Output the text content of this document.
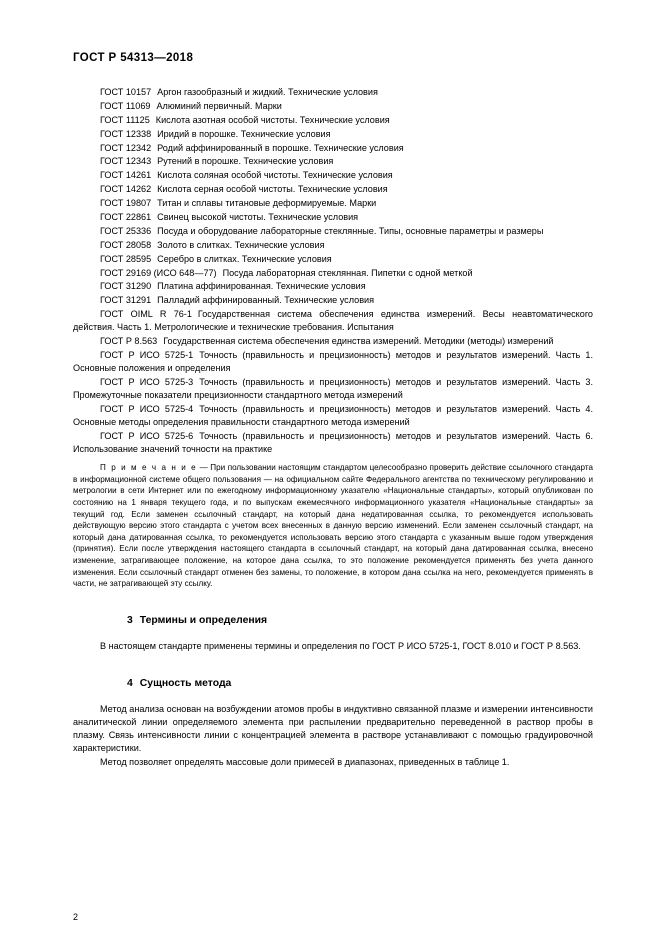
ГОСТ Р 54313—2018

ГОСТ 10157 Аргон газообразный и жидкий. Технические условия

ГОСТ 11069 Алюминий первичный. Марки

ГОСТ 11125 Кислота азотная особой чистоты. Технические условия

ГОСТ 12338 Иридий в порошке. Технические условия

ГОСТ 12342 Родий аффинированный в порошке. Технические условия

ГОСТ 12343 Рутений в порошке. Технические условия

ГОСТ 14261 Кислота соляная особой чистоты. Технические условия

ГОСТ 14262 Кислота серная особой чистоты. Технические условия

ГОСТ 19807 Титан и сплавы титановые деформируемые. Марки

ГОСТ 22861 Свинец высокой чистоты. Технические условия

ГОСТ 25336 Посуда и оборудование лабораторные стеклянные. Типы, основные параметры и размеры

ГОСТ 28058 Золото в слитках. Технические условия

ГОСТ 28595 Серебро в слитках. Технические условия

ГОСТ 29169 (ИСО 648—77) Посуда лабораторная стеклянная. Пипетки с одной меткой

ГОСТ 31290 Платина аффинированная. Технические условия

ГОСТ 31291 Палладий аффинированный. Технические условия

ГОСТ OIML R 76-1 Государственная система обеспечения единства измерений. Весы неавтоматического действия. Часть 1. Метрологические и технические требования. Испытания

ГОСТ Р 8.563 Государственная система обеспечения единства измерений. Методики (методы) измерений

ГОСТ Р ИСО 5725-1 Точность (правильность и прецизионность) методов и результатов измерений. Часть 1. Основные положения и определения

ГОСТ Р ИСО 5725-3 Точность (правильность и прецизионность) методов и результатов измерений. Часть 3. Промежуточные показатели прецизионности стандартного метода измерений

ГОСТ Р ИСО 5725-4 Точность (правильность и прецизионность) методов и результатов измерений. Часть 4. Основные методы определения правильности стандартного метода измерений

ГОСТ Р ИСО 5725-6 Точность (правильность и прецизионность) методов и результатов измерений. Часть 6. Использование значений точности на практике

П р и м е ч а н и е — При пользовании настоящим стандартом целесообразно проверить действие ссылочного стандарта в информационной системе общего пользования — на официальном сайте Федерального агентства по техническому регулированию и метрологии в сети Интернет или по ежегодному информационному указателю «Национальные стандарты», который опубликован по состоянию на 1 января текущего года, и по выпускам ежемесячного информационного указателя «Национальные стандарты» за текущий год. Если заменен ссылочный стандарт, на который дана недатированная ссылка, то рекомендуется использовать действующую версию этого стандарта с учетом всех внесенных в данную версию изменений. Если заменен ссылочный стандарт, на который дана датированная ссылка, то рекомендуется использовать версию этого стандарта с указанным выше годом утверждения (принятия). Если после утверждения настоящего стандарта в ссылочный стандарт, на который дана датированная ссылка, внесено изменение, затрагивающее положение, на которое дана ссылка, то это положение рекомендуется применять без учета данного изменения. Если ссылочный стандарт отменен без замены, то положение, в котором дана ссылка на него, рекомендуется применять в части, не затрагивающей эту ссылку.

3 Термины и определения

В настоящем стандарте применены термины и определения по ГОСТ Р ИСО 5725-1, ГОСТ 8.010 и ГОСТ Р 8.563.

4 Сущность метода

Метод анализа основан на возбуждении атомов пробы в индуктивно связанной плазме и измерении интенсивности аналитической линии определяемого элемента при распылении предварительно переведенной в раствор пробы в плазму. Связь интенсивности линии с концентрацией элемента в растворе устанавливают с помощью градуировочной характеристики.

Метод позволяет определять массовые доли примесей в диапазонах, приведенных в таблице 1.

2
